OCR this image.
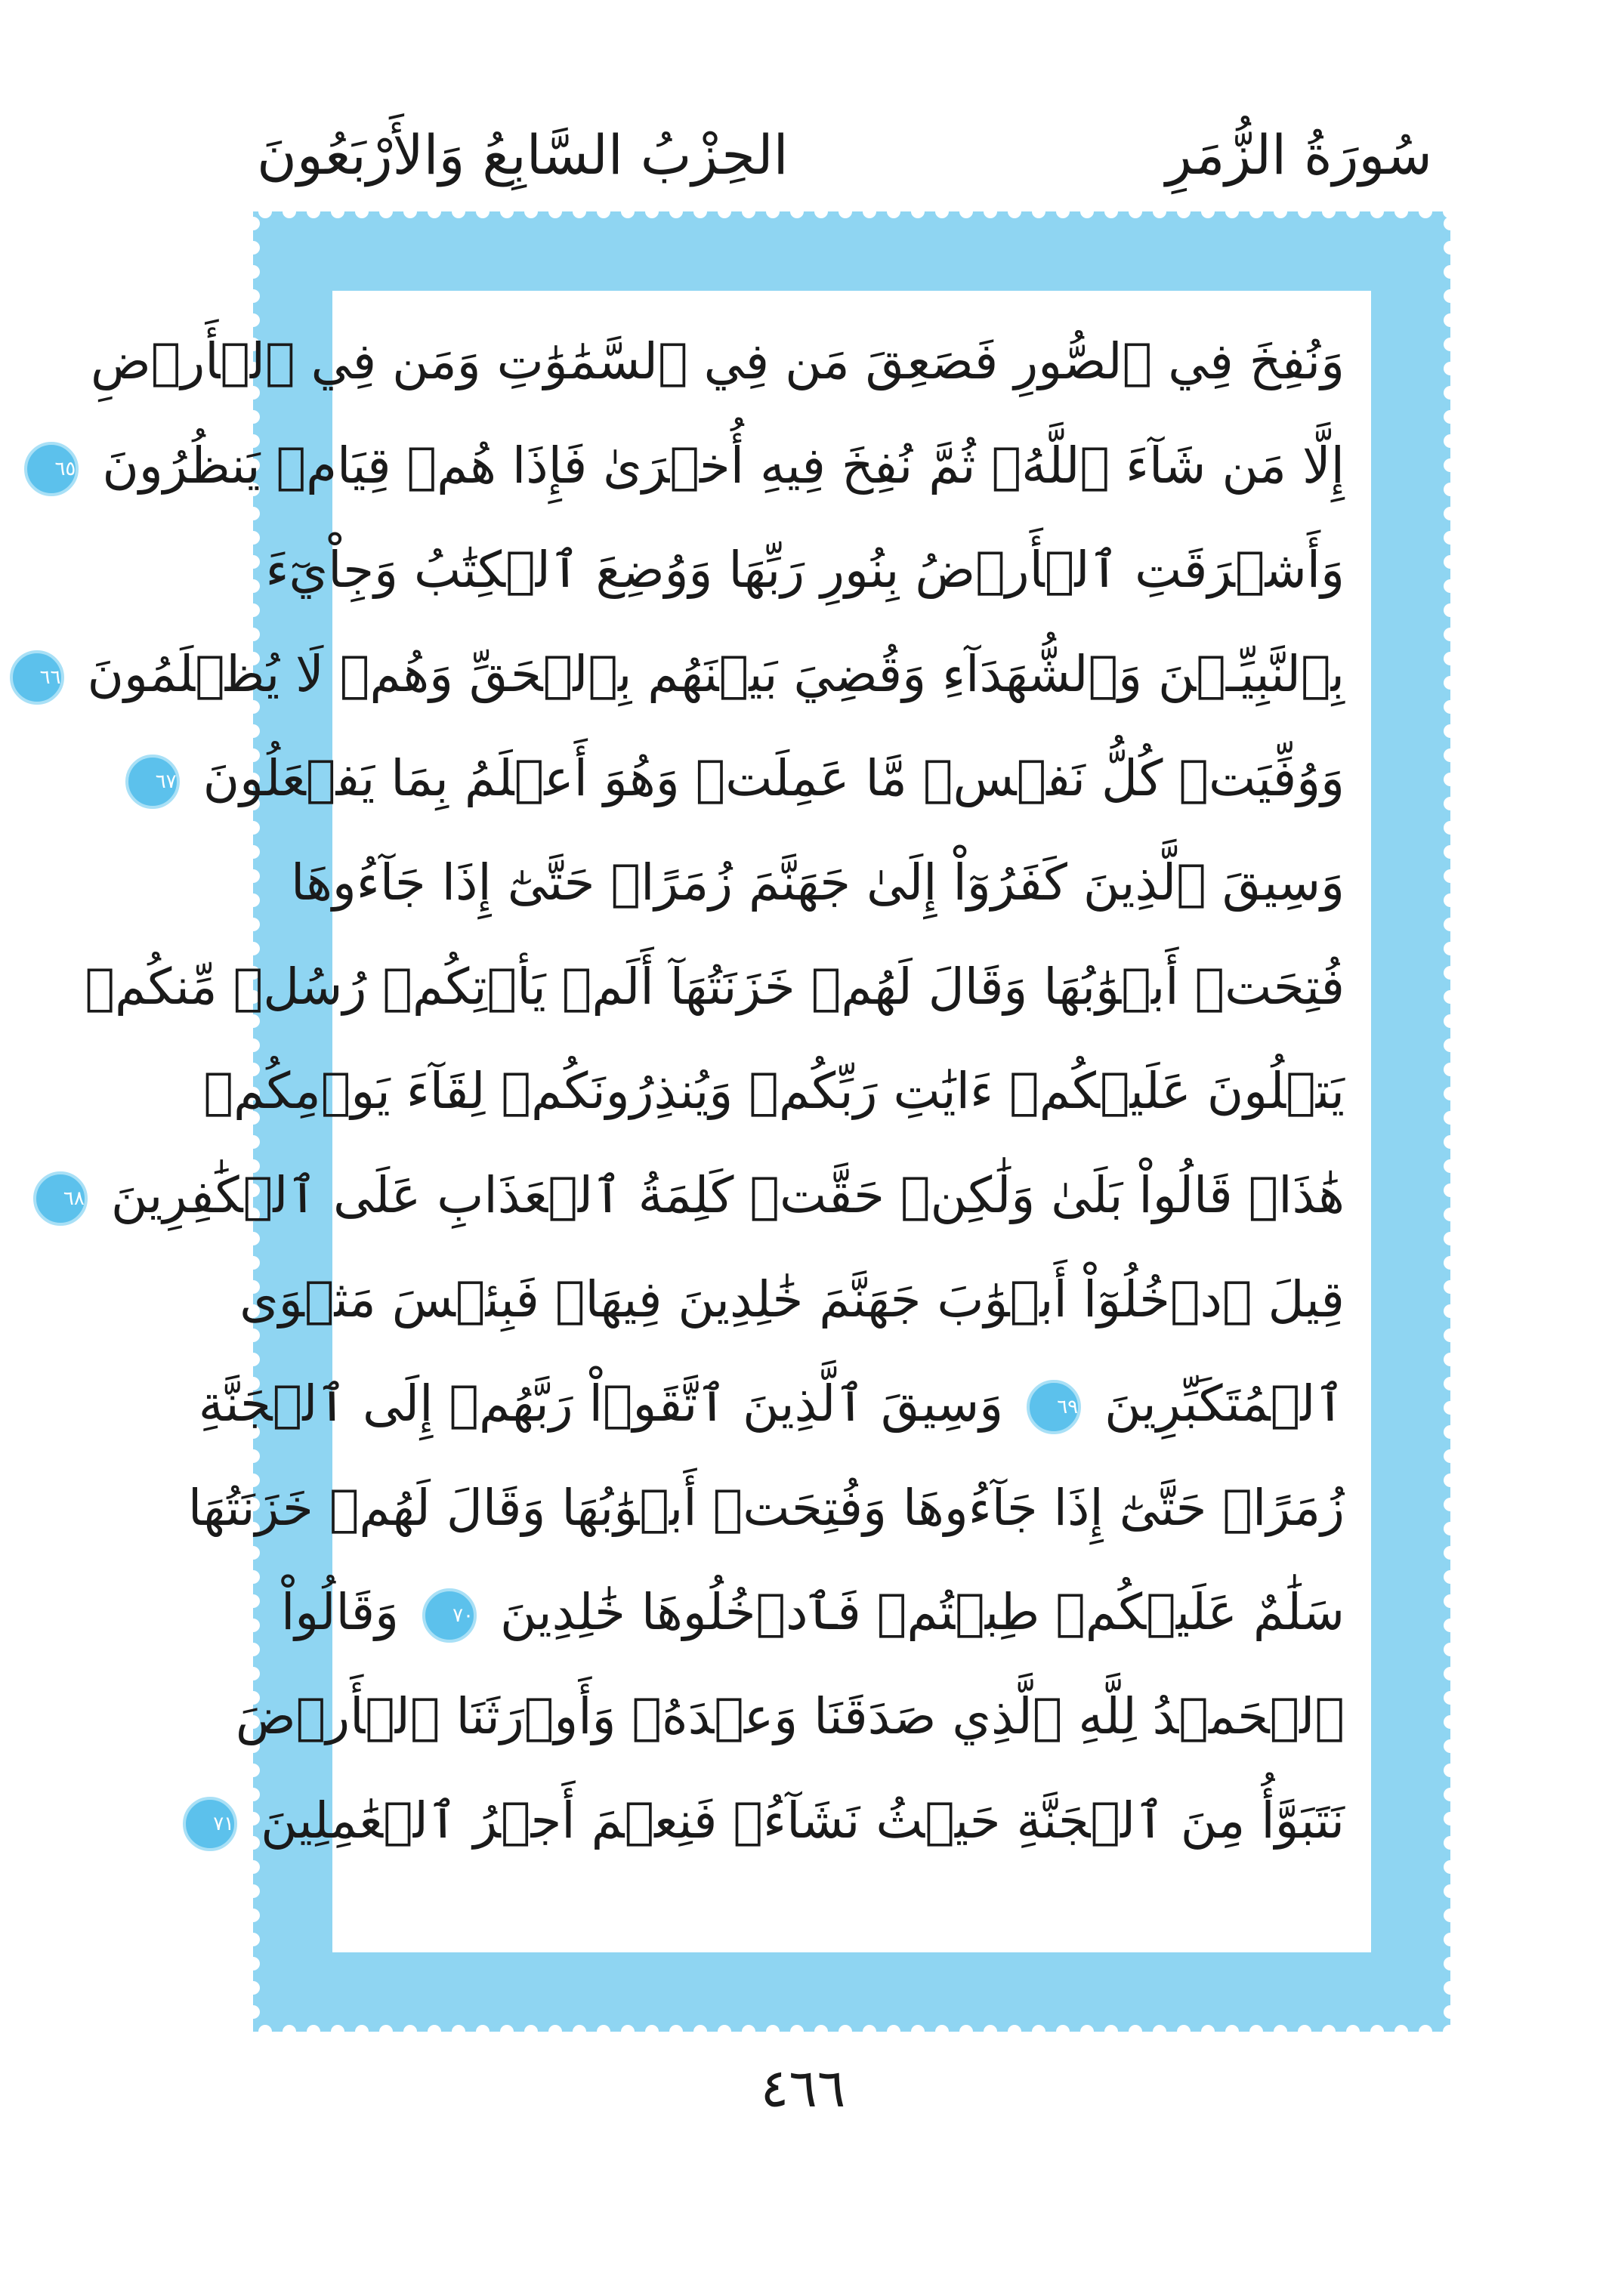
سُورَةُ الزُّمَرِ
الحِزْبُ السَّابِعُ وَالأَرْبَعُونَ
وَنُفِخَ فِي ٱلصُّورِ فَصَعِقَ مَن فِي ٱلسَّمَٰوَٰتِ وَمَن فِي ٱلۡأَرۡضِ
إِلَّا مَن شَآءَ ٱللَّهُۖ ثُمَّ نُفِخَ فِيهِ أُخۡرَىٰ فَإِذَا هُمۡ قِيَامٞ يَنظُرُونَ ٦٥
وَأَشۡرَقَتِ ٱلۡأَرۡضُ بِنُورِ رَبِّهَا وَوُضِعَ ٱلۡكِتَٰبُ وَجِاْيٓءَ
بِٱلنَّبِيِّـۧنَ وَٱلشُّهَدَآءِ وَقُضِيَ بَيۡنَهُم بِٱلۡحَقِّ وَهُمۡ لَا يُظۡلَمُونَ ٦٦
وَوُفِّيَتۡ كُلُّ نَفۡسٖ مَّا عَمِلَتۡ وَهُوَ أَعۡلَمُ بِمَا يَفۡعَلُونَ ٦٧
وَسِيقَ ٱلَّذِينَ كَفَرُوٓاْ إِلَىٰ جَهَنَّمَ زُمَرًاۖ حَتَّىٰٓ إِذَا جَآءُوهَا
فُتِحَتۡ أَبۡوَٰبُهَا وَقَالَ لَهُمۡ خَزَنَتُهَآ أَلَمۡ يَأۡتِكُمۡ رُسُلٞ مِّنكُمۡ
يَتۡلُونَ عَلَيۡكُمۡ ءَايَٰتِ رَبِّكُمۡ وَيُنذِرُونَكُمۡ لِقَآءَ يَوۡمِكُمۡ
هَٰذَاۚ قَالُواْ بَلَىٰ وَلَٰكِنۡ حَقَّتۡ كَلِمَةُ ٱلۡعَذَابِ عَلَى ٱلۡكَٰفِرِينَ ٦٨
قِيلَ ٱدۡخُلُوٓاْ أَبۡوَٰبَ جَهَنَّمَ خَٰلِدِينَ فِيهَاۖ فَبِئۡسَ مَثۡوَى
ٱلۡمُتَكَبِّرِينَ ٦٩ وَسِيقَ ٱلَّذِينَ ٱتَّقَوۡاْ رَبَّهُمۡ إِلَى ٱلۡجَنَّةِ
زُمَرًاۖ حَتَّىٰٓ إِذَا جَآءُوهَا وَفُتِحَتۡ أَبۡوَٰبُهَا وَقَالَ لَهُمۡ خَزَنَتُهَا
سَلَٰمٌ عَلَيۡكُمۡ طِبۡتُمۡ فَٱدۡخُلُوهَا خَٰلِدِينَ ٧٠ وَقَالُواْ
ٱلۡحَمۡدُ لِلَّهِ ٱلَّذِي صَدَقَنَا وَعۡدَهُۥ وَأَوۡرَثَنَا ٱلۡأَرۡضَ
نَتَبَوَّأُ مِنَ ٱلۡجَنَّةِ حَيۡثُ نَشَآءُۖ فَنِعۡمَ أَجۡرُ ٱلۡعَٰمِلِينَ ٧١
٤٦٦
